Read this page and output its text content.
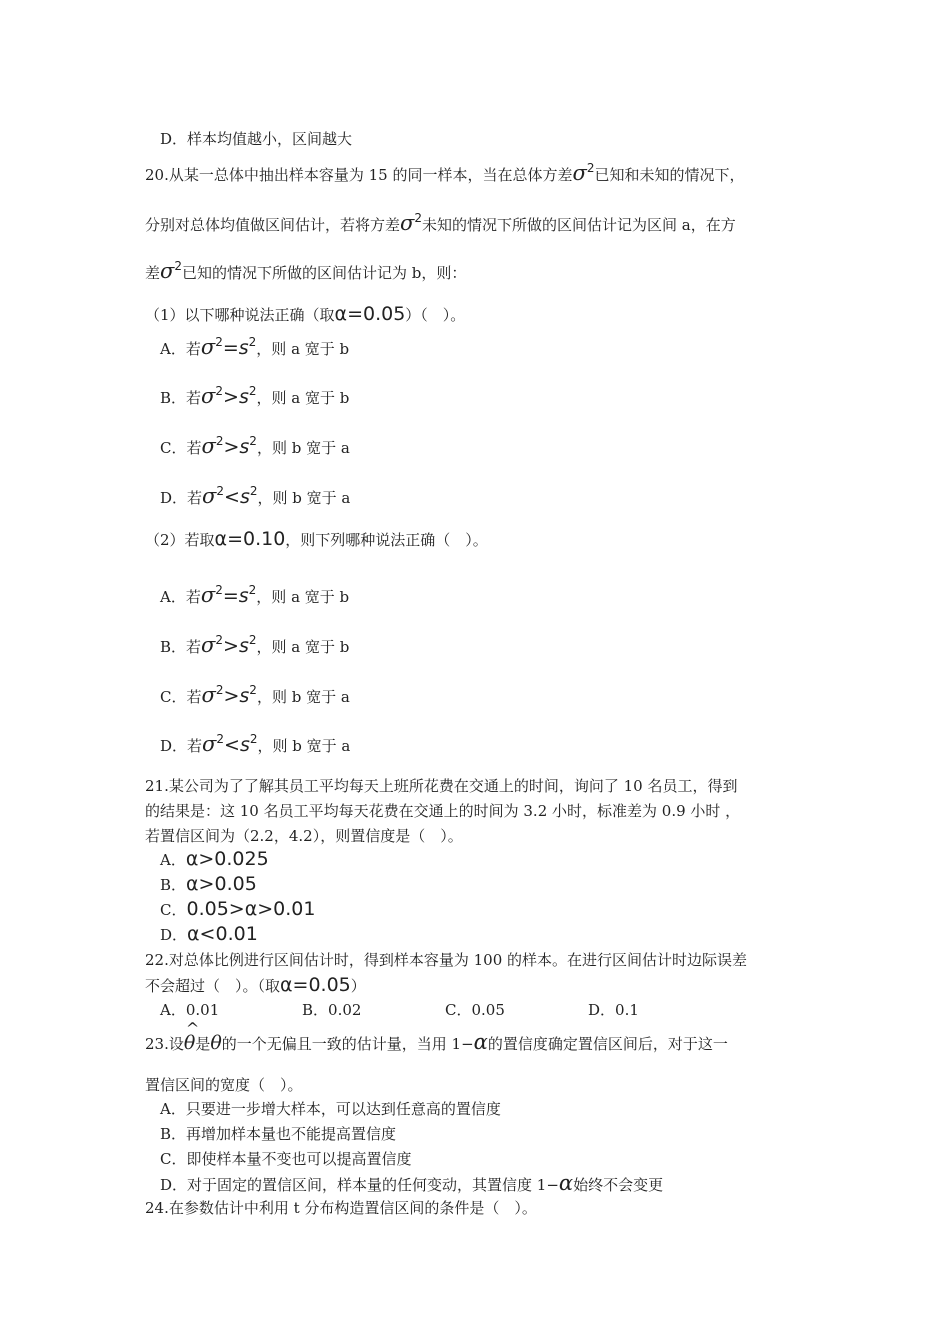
D．样本均值越小，区间越大
20.从某一总体中抽出样本容量为 15 的同一样本，当在总体方差$\sigma^2$已知和未知的情况下，
分别对总体均值做区间估计，若将方差$\sigma^2$未知的情况下所做的区间估计记为区间 a，在方
差$\sigma^2$已知的情况下所做的区间估计记为 b，则：
（1）以下哪种说法正确（取α=0.05）（　）。
A．若$\sigma^2=s^2$，则 a 宽于 b
B．若$\sigma^2>s^2$，则 a 宽于 b
C．若$\sigma^2>s^2$，则 b 宽于 a
D．若$\sigma^2<s^2$，则 b 宽于 a
（2）若取α=0.10，则下列哪种说法正确（　）。
A．若$\sigma^2=s^2$，则 a 宽于 b
B．若$\sigma^2>s^2$，则 a 宽于 b
C．若$\sigma^2>s^2$，则 b 宽于 a
D．若$\sigma^2<s^2$，则 b 宽于 a
21.某公司为了了解其员工平均每天上班所花费在交通上的时间，询问了 10 名员工，得到
的结果是：这 10 名员工平均每天花费在交通上的时间为 3.2 小时，标准差为 0.9 小时 ，
若置信区间为（2.2，4.2），则置信度是（　）。
A．α>0.025
B．α>0.05
C．0.05>α>0.01
D．α<0.01
22.对总体比例进行区间估计时，得到样本容量为 100 的样本。在进行区间估计时边际误差
不会超过（　）。（取α=0.05）
A．0.01	B．0.02	C．0.05	D．0.1
23.设
^
θ是θ的一个无偏且一致的估计量，当用 1−α的置信度确定置信区间后，对于这一
置信区间的宽度（　）。
A．只要进一步增大样本，可以达到任意高的置信度
B．再增加样本量也不能提高置信度
C．即使样本量不变也可以提高置信度
D．对于固定的置信区间，样本量的任何变动，其置信度 1−α始终不会变更
24.在参数估计中利用 t 分布构造置信区间的条件是（　）。
